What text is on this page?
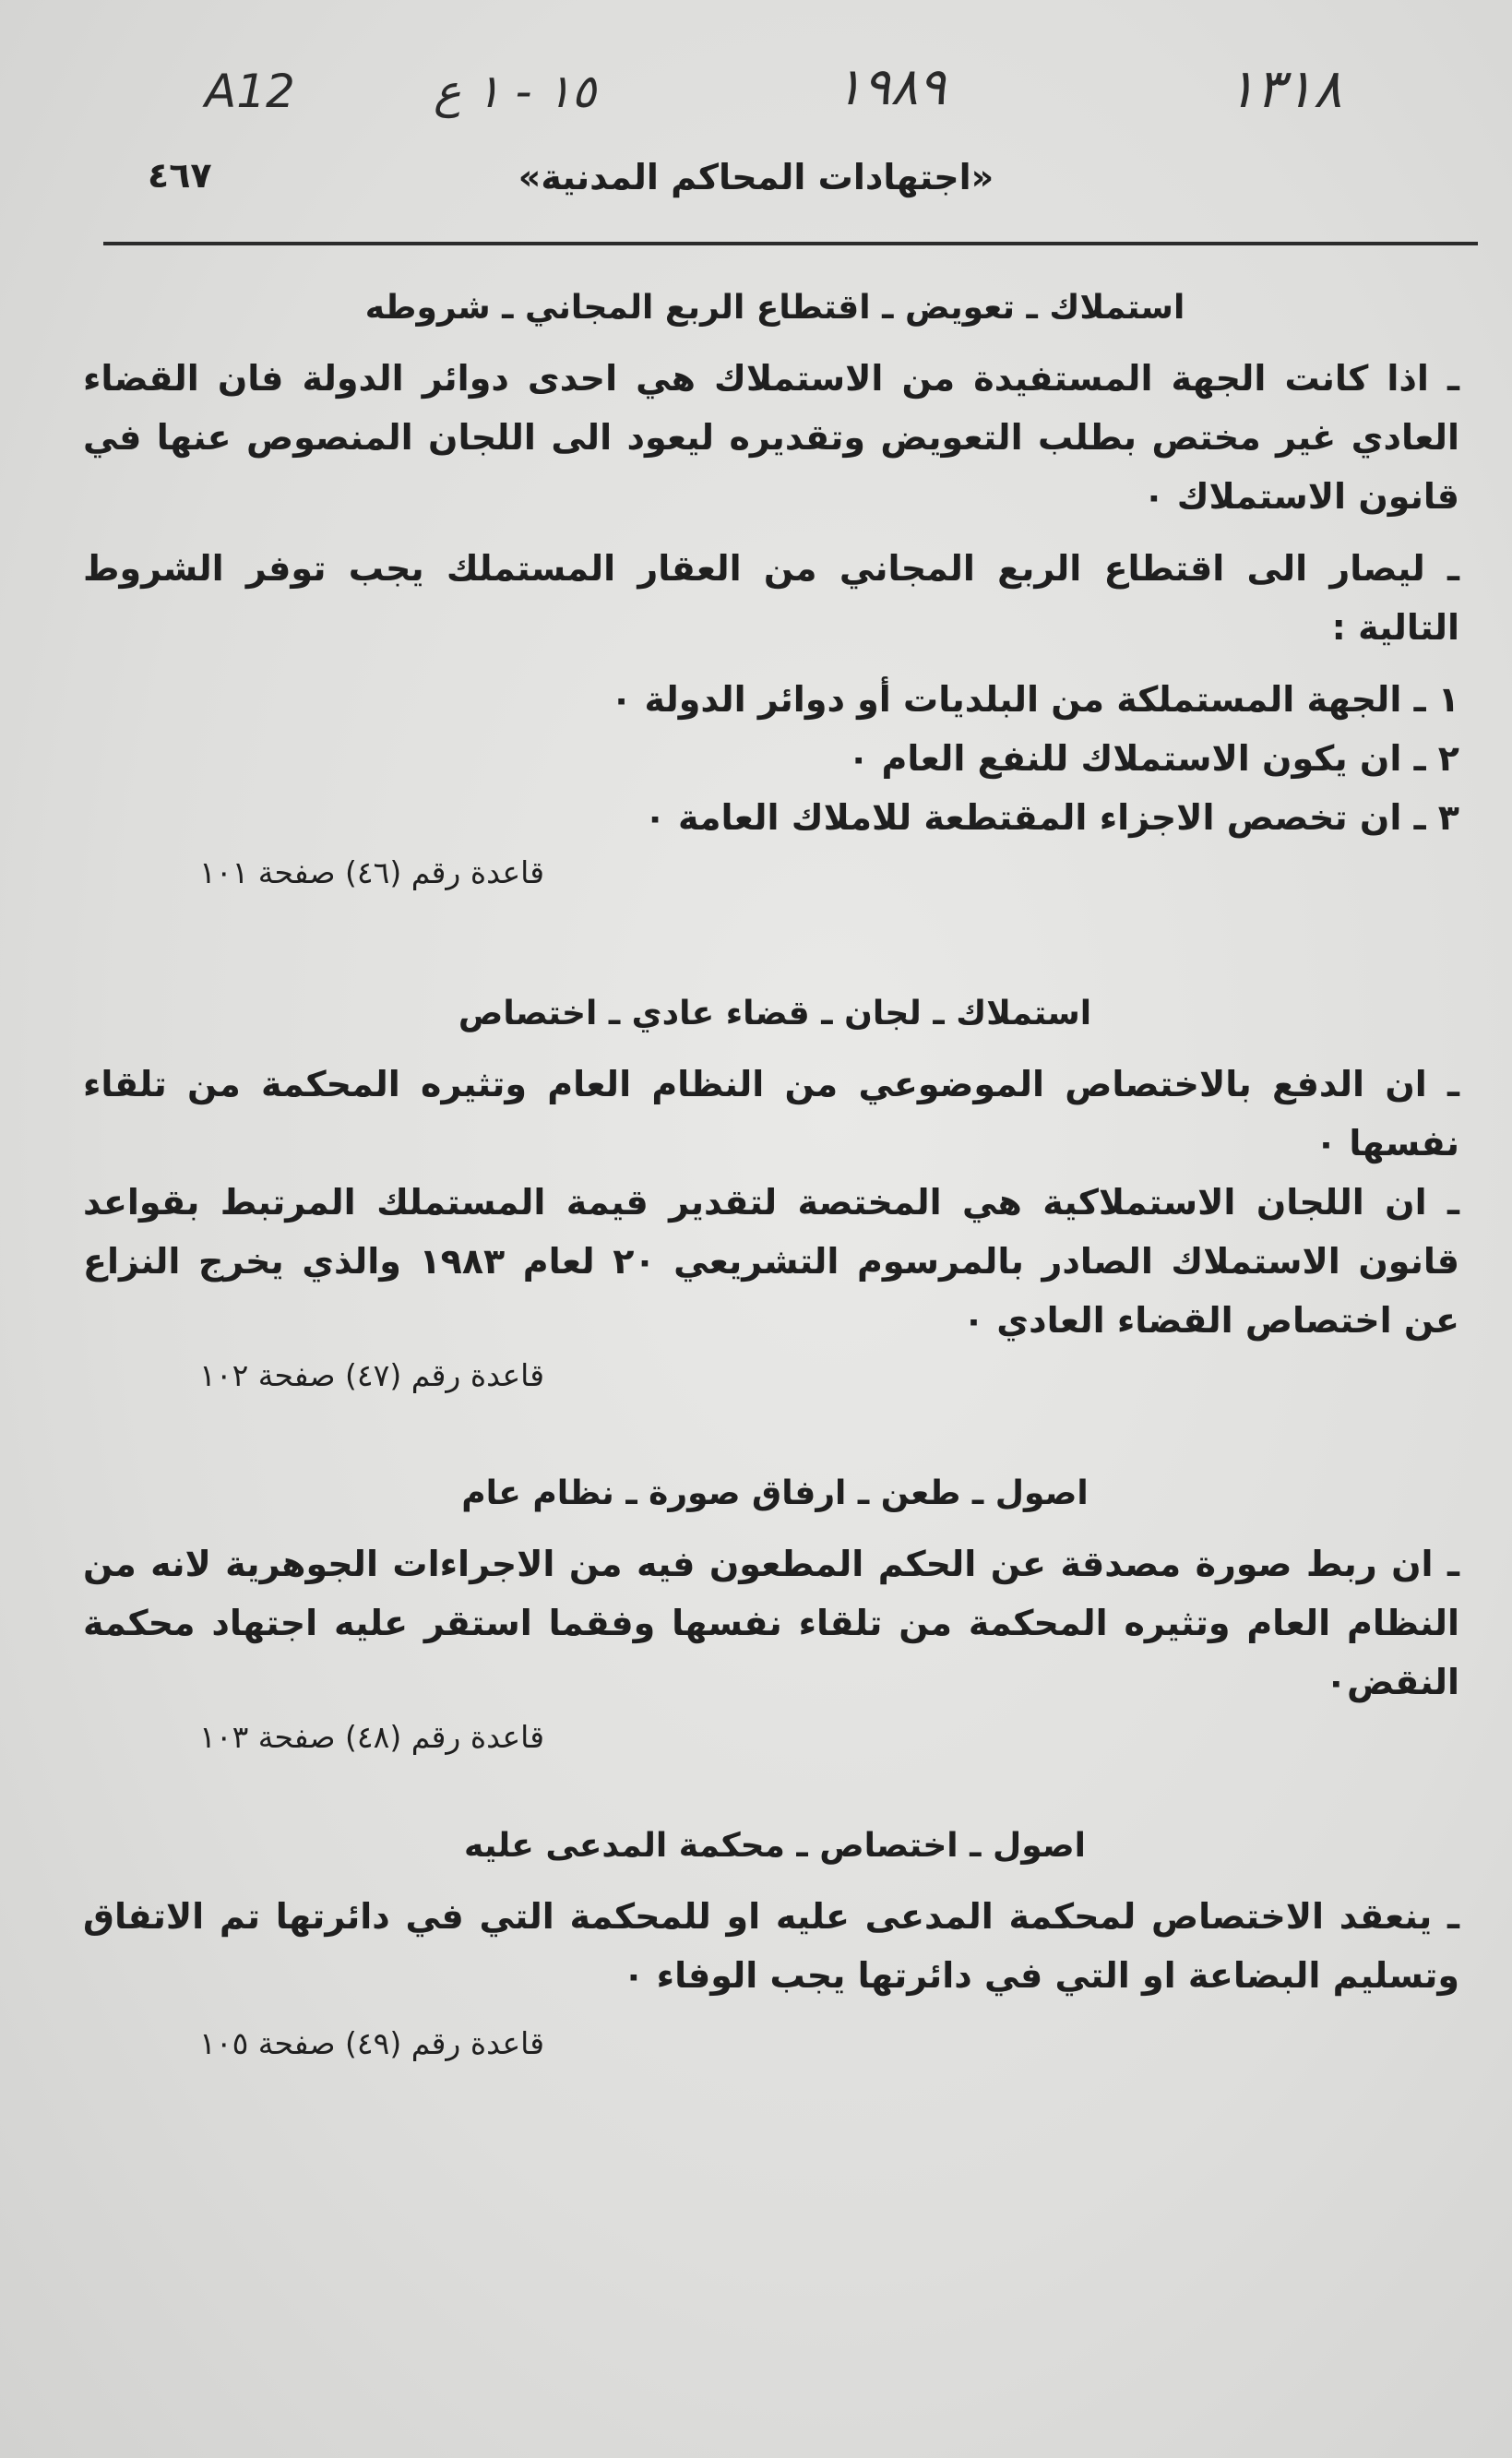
A12	١٥ - ١ ع	١٩٨٩	١٣١٨
٤٦٧	«اجتهادات المحاكم المدنية»

استملاك ـ تعويض ـ اقتطاع الربع المجاني ـ شروطه

ـ اذا كانت الجهة المستفيدة من الاستملاك هي احدى دوائر الدولة فان القضاء العادي غير مختص بطلب التعويض وتقديره ليعود الى اللجان المنصوص عنها في قانون الاستملاك ٠

ـ ليصار الى اقتطاع الربع المجاني من العقار المستملك يجب توفر الشروط التالية :

١ ـ الجهة المستملكة من البلديات أو دوائر الدولة ٠

٢ ـ ان يكون الاستملاك للنفع العام ٠

٣ ـ ان تخصص الاجزاء المقتطعة للاملاك العامة ٠

قاعدة رقم (٤٦) صفحة ١٠١

استملاك ـ لجان ـ قضاء عادي ـ اختصاص

ـ ان الدفع بالاختصاص الموضوعي من النظام العام وتثيره المحكمة من تلقاء نفسها ٠

ـ ان اللجان الاستملاكية هي المختصة لتقدير قيمة المستملك المرتبط بقواعد قانون الاستملاك الصادر بالمرسوم التشريعي ٢٠ لعام ١٩٨٣ والذي يخرج النزاع عن اختصاص القضاء العادي ٠

قاعدة رقم (٤٧) صفحة ١٠٢

اصول ـ طعن ـ ارفاق صورة ـ نظام عام

ـ ان ربط صورة مصدقة عن الحكم المطعون فيه من الاجراءات الجوهرية لانه من النظام العام وتثيره المحكمة من تلقاء نفسها وفقما استقر عليه اجتهاد محكمة النقض٠

قاعدة رقم (٤٨) صفحة ١٠٣

اصول ـ اختصاص ـ محكمة المدعى عليه

ـ ينعقد الاختصاص لمحكمة المدعى عليه او للمحكمة التي في دائرتها تم الاتفاق وتسليم البضاعة او التي في دائرتها يجب الوفاء ٠

قاعدة رقم (٤٩) صفحة ١٠٥
